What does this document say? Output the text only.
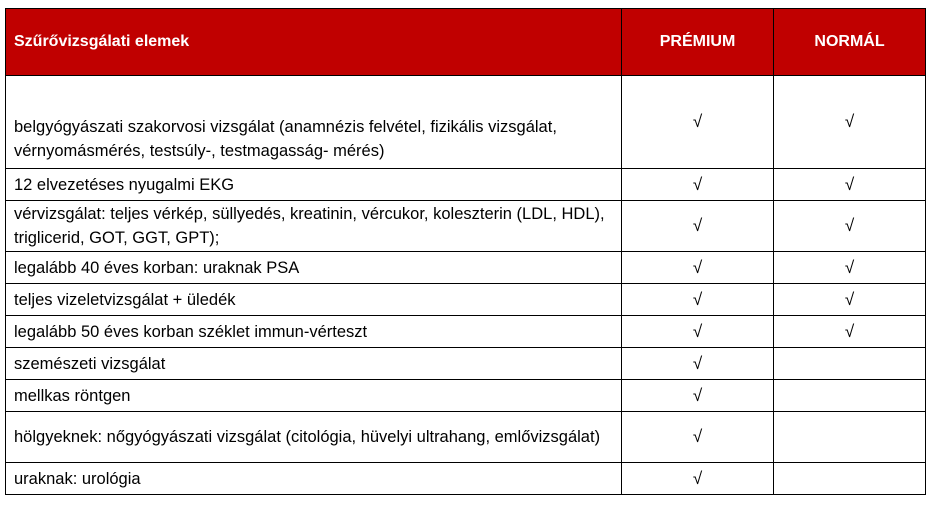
Szűrővizsgálati elemek	PRÉMIUM	NORMÁL
belgyógyászati szakorvosi vizsgálat (anamnézis felvétel, fizikális vizsgálat, vérnyomásmérés, testsúly-, testmagasság- mérés)	√	√
12 elvezetéses nyugalmi EKG	√	√
vérvizsgálat: teljes vérkép, süllyedés, kreatinin, vércukor, koleszterin (LDL, HDL), triglicerid, GOT, GGT, GPT);	√	√
legalább 40 éves korban: uraknak PSA	√	√
teljes vizeletvizsgálat + üledék	√	√
legalább 50 éves korban széklet immun-vérteszt	√	√
szemészeti vizsgálat	√	
mellkas röntgen	√	
hölgyeknek: nőgyógyászati vizsgálat (citológia, hüvelyi ultrahang, emlővizsgálat)	√	
uraknak: urológia	√	
